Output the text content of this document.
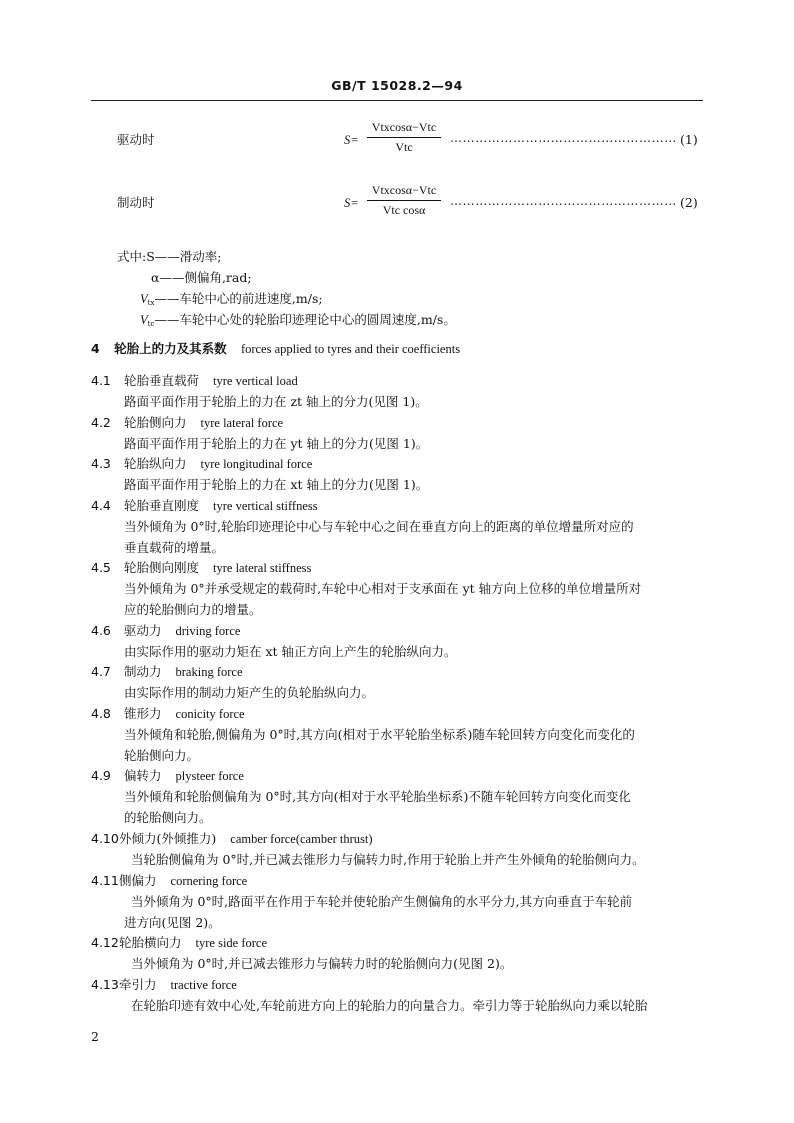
GB/T 15028.2—94
驱动时	S=
Vtxcosα−Vtc
Vtc
……………………………………………… (1)
制动时	S=
Vtxcosα−Vtc
Vtc cosα
……………………………………………… (2)
式中:S——滑动率;
α——侧偏角,rad;
$V_{tx}——$车轮中心的前进速度,m/s;
$V_{tc}——$车轮中心处的轮胎印迹理论中心的圆周速度,m/s。
4 轮胎上的力及其系数 forces applied to tyres and their coefficients
4.1 轮胎垂直载荷 tyre vertical load
路面平面作用于轮胎上的力在 zt 轴上的分力(见图 1)。
4.2 轮胎侧向力 tyre lateral force
路面平面作用于轮胎上的力在 yt 轴上的分力(见图 1)。
4.3 轮胎纵向力 tyre longitudinal force
路面平面作用于轮胎上的力在 xt 轴上的分力(见图 1)。
4.4 轮胎垂直刚度 tyre vertical stiffness
当外倾角为 0°时,轮胎印迹理论中心与车轮中心之间在垂直方向上的距离的单位增量所对应的
垂直载荷的增量。
4.5 轮胎侧向刚度 tyre lateral stiffness
当外倾角为 0°并承受规定的载荷时,车轮中心相对于支承面在 yt 轴方向上位移的单位增量所对
应的轮胎侧向力的增量。
4.6 驱动力 driving force
由实际作用的驱动力矩在 xt 轴正方向上产生的轮胎纵向力。
4.7 制动力 braking force
由实际作用的制动力矩产生的负轮胎纵向力。
4.8 锥形力 conicity force
当外倾角和轮胎,侧偏角为 0°时,其方向(相对于水平轮胎坐标系)随车轮回转方向变化而变化的
轮胎侧向力。
4.9 偏转力 plysteer force
当外倾角和轮胎侧偏角为 0°时,其方向(相对于水平轮胎坐标系)不随车轮回转方向变化而变化
的轮胎侧向力。
4.10 外倾力(外倾推力) camber force(camber thrust)
当轮胎侧偏角为 0°时,并已减去锥形力与偏转力时,作用于轮胎上并产生外倾角的轮胎侧向力。
4.11 侧偏力 cornering force
当外倾角为 0°时,路面平在作用于车轮并使轮胎产生侧偏角的水平分力,其方向垂直于车轮前
进方向(见图 2)。
4.12 轮胎横向力 tyre side force
当外倾角为 0°时,并已减去锥形力与偏转力时的轮胎侧向力(见图 2)。
4.13 牵引力 tractive force
在轮胎印迹有效中心处,车轮前进方向上的轮胎力的向量合力。牵引力等于轮胎纵向力乘以轮胎
2
